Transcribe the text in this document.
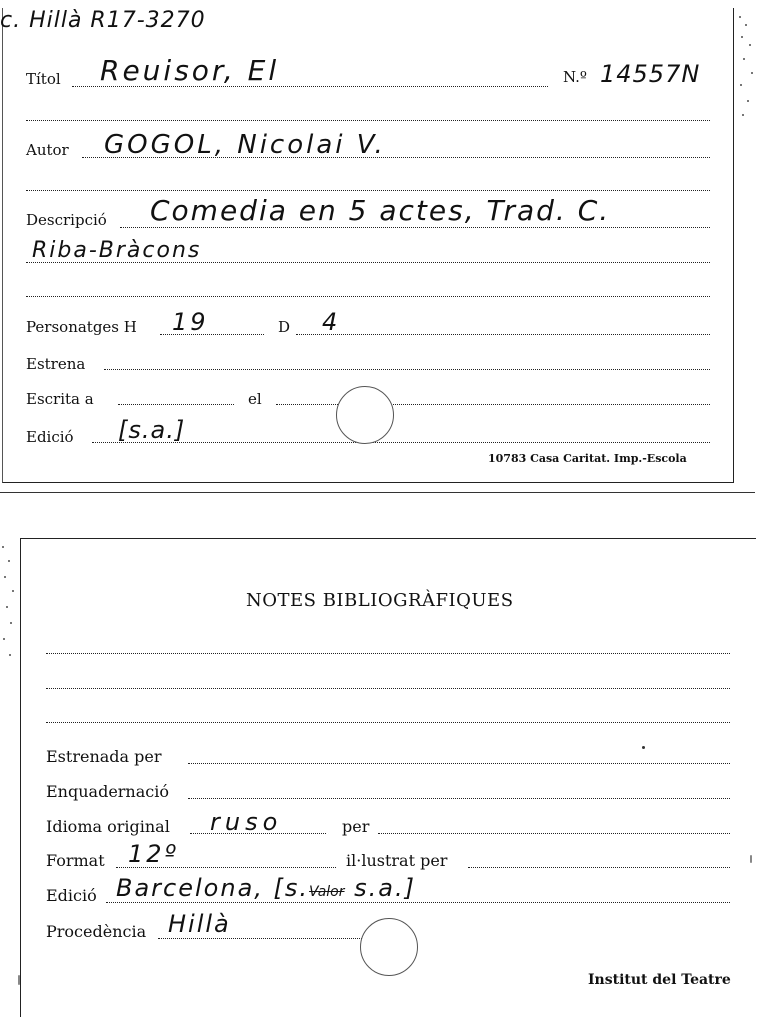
c. Hillà R17-3270
Títol Reuisor, El	N.º 14557N
Autor GOGOL, Nicolai V.
Descripció Comedia en 5 actes, Trad. C.
Riba-Bràcons
Personatges H 19	D 4
Estrena
Escrita a	el
Edició [s.a.]
10783 Casa Caritat. Imp.-Escola
NOTES BIBLIOGRÀFIQUES
Estrenada per
Enquadernació
Idioma original ruso	per
Format 12º	il·lustrat per
Edició Barcelona, [s.Valor s.a.]
Procedència Hillà
Institut del Teatre
